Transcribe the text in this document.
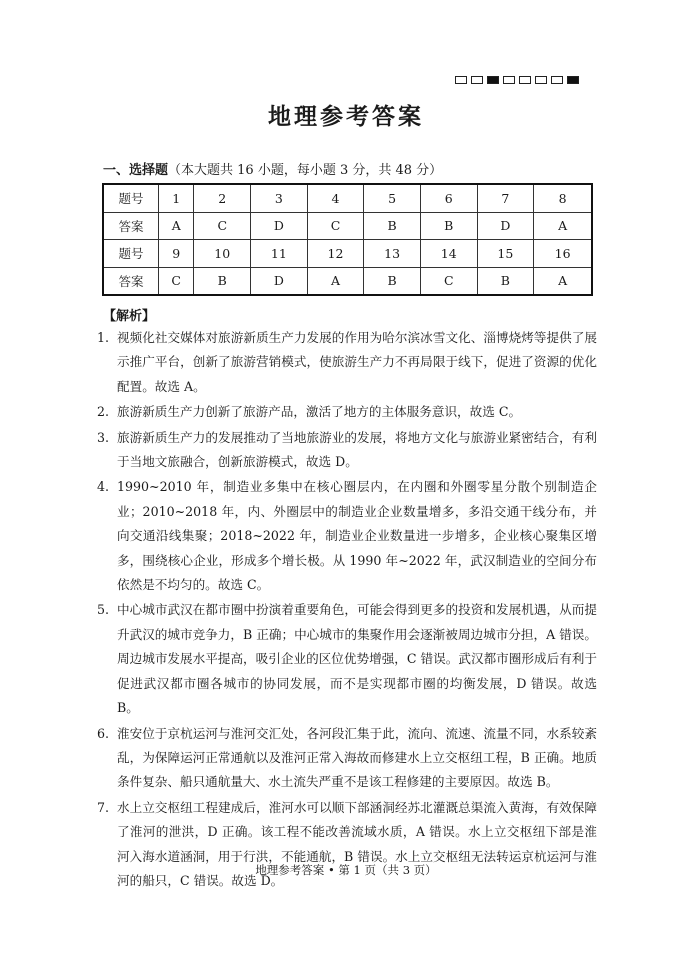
地理参考答案
一、选择题（本大题共 16 小题，每小题 3 分，共 48 分）
题号	1	2	3	4	5	6	7	8
答案	A	C	D	C	B	B	D	A
题号	9	10	11	12	13	14	15	16
答案	C	B	D	A	B	C	B	A
【解析】
1. 视频化社交媒体对旅游新质生产力发展的作用为哈尔滨冰雪文化、淄博烧烤等提供了展示推广平台，创新了旅游营销模式，使旅游生产力不再局限于线下，促进了资源的优化配置。故选 A。
2. 旅游新质生产力创新了旅游产品，激活了地方的主体服务意识，故选 C。
3. 旅游新质生产力的发展推动了当地旅游业的发展，将地方文化与旅游业紧密结合，有利于当地文旅融合，创新旅游模式，故选 D。
4. 1990~2010 年，制造业多集中在核心圈层内，在内圈和外圈零星分散个别制造企业；2010~2018 年，内、外圈层中的制造业企业数量增多，多沿交通干线分布，并向交通沿线集聚；2018~2022 年，制造业企业数量进一步增多，企业核心聚集区增多，围绕核心企业，形成多个增长极。从 1990 年~2022 年，武汉制造业的空间分布依然是不均匀的。故选 C。
5. 中心城市武汉在都市圈中扮演着重要角色，可能会得到更多的投资和发展机遇，从而提升武汉的城市竞争力，B 正确；中心城市的集聚作用会逐渐被周边城市分担，A 错误。周边城市发展水平提高，吸引企业的区位优势增强，C 错误。武汉都市圈形成后有利于促进武汉都市圈各城市的协同发展，而不是实现都市圈的均衡发展，D 错误。故选 B。
6. 淮安位于京杭运河与淮河交汇处，各河段汇集于此，流向、流速、流量不同，水系较紊乱，为保障运河正常通航以及淮河正常入海故而修建水上立交枢纽工程，B 正确。地质条件复杂、船只通航量大、水土流失严重不是该工程修建的主要原因。故选 B。
7. 水上立交枢纽工程建成后，淮河水可以顺下部涵洞经苏北灌溉总渠流入黄海，有效保障了淮河的泄洪，D 正确。该工程不能改善流域水质，A 错误。水上立交枢纽下部是淮河入海水道涵洞，用于行洪，不能通航，B 错误。水上立交枢纽无法转运京杭运河与淮河的船只，C 错误。故选 D。
地理参考答案 • 第 1 页（共 3 页）
